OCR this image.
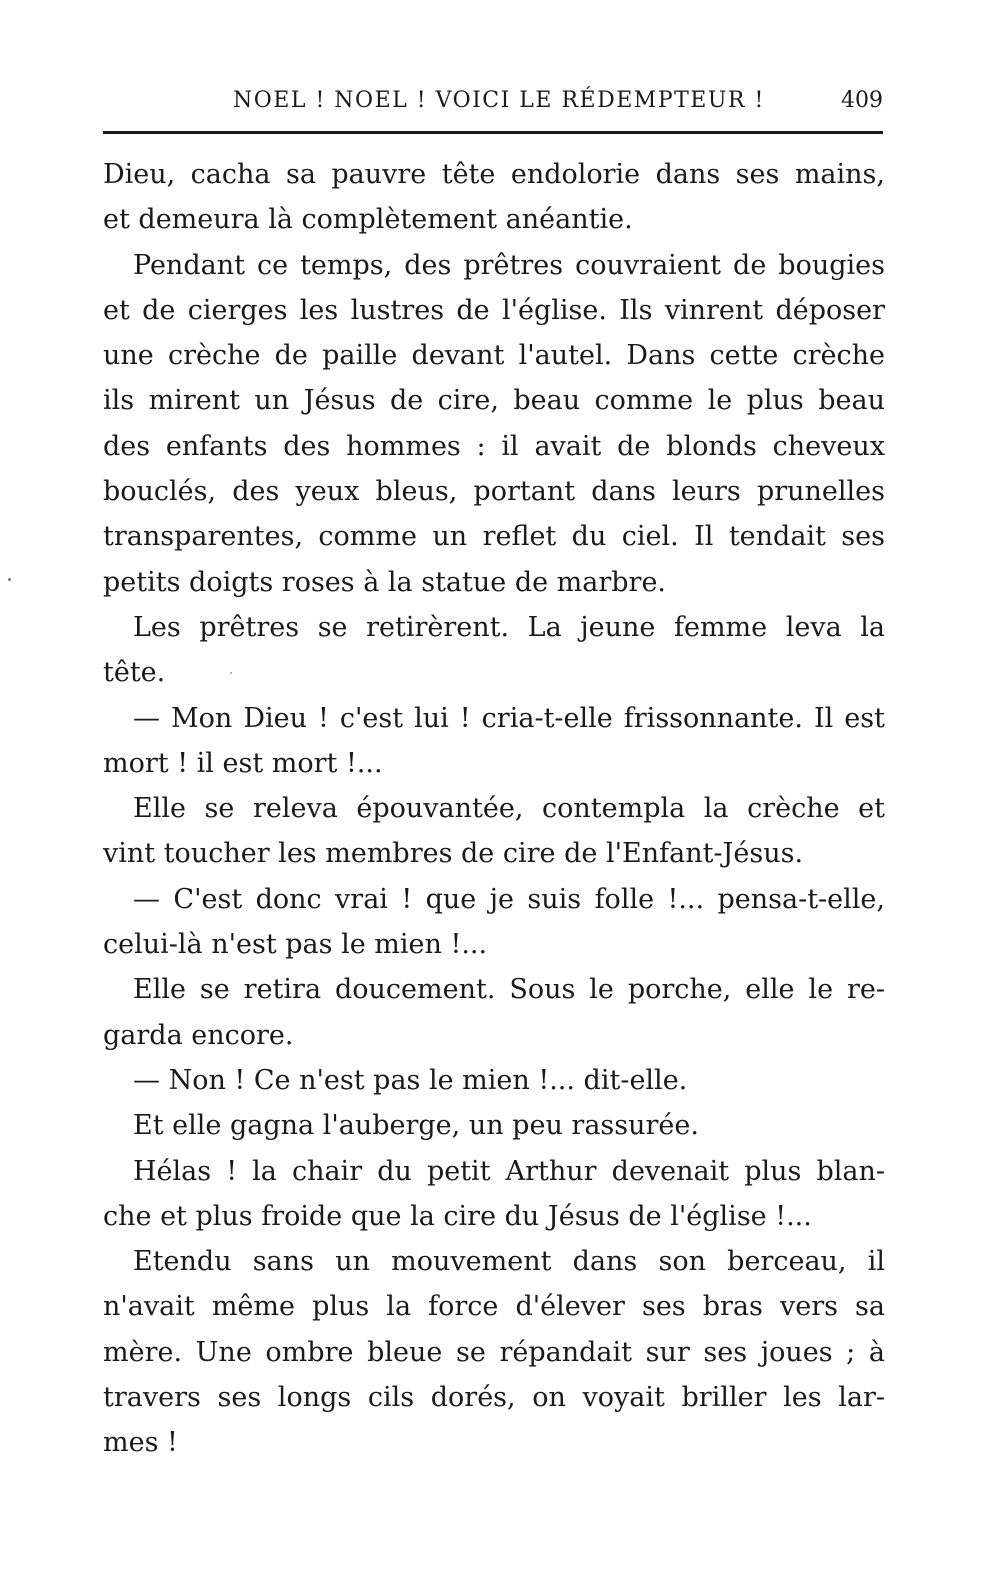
NOEL ! NOEL ! VOICI LE RÉDEMPTEUR !	409
Dieu, cacha sa pauvre tête endolorie dans ses mains,
et demeura là complètement anéantie.
Pendant ce temps, des prêtres couvraient de bougies
et de cierges les lustres de l'église. Ils vinrent déposer
une crèche de paille devant l'autel. Dans cette crèche
ils mirent un Jésus de cire, beau comme le plus beau
des enfants des hommes : il avait de blonds cheveux
bouclés, des yeux bleus, portant dans leurs prunelles
transparentes, comme un reflet du ciel. Il tendait ses
petits doigts roses à la statue de marbre.
Les prêtres se retirèrent. La jeune femme leva la
tête.
— Mon Dieu ! c'est lui ! cria-t-elle frissonnante. Il est
mort ! il est mort !...
Elle se releva épouvantée, contempla la crèche et
vint toucher les membres de cire de l'Enfant-Jésus.
— C'est donc vrai ! que je suis folle !... pensa-t-elle,
celui-là n'est pas le mien !...
Elle se retira doucement. Sous le porche, elle le re-
garda encore.
— Non ! Ce n'est pas le mien !... dit-elle.
Et elle gagna l'auberge, un peu rassurée.
Hélas ! la chair du petit Arthur devenait plus blan-
che et plus froide que la cire du Jésus de l'église !...
Etendu sans un mouvement dans son berceau, il
n'avait même plus la force d'élever ses bras vers sa
mère. Une ombre bleue se répandait sur ses joues ; à
travers ses longs cils dorés, on voyait briller les lar-
mes !
